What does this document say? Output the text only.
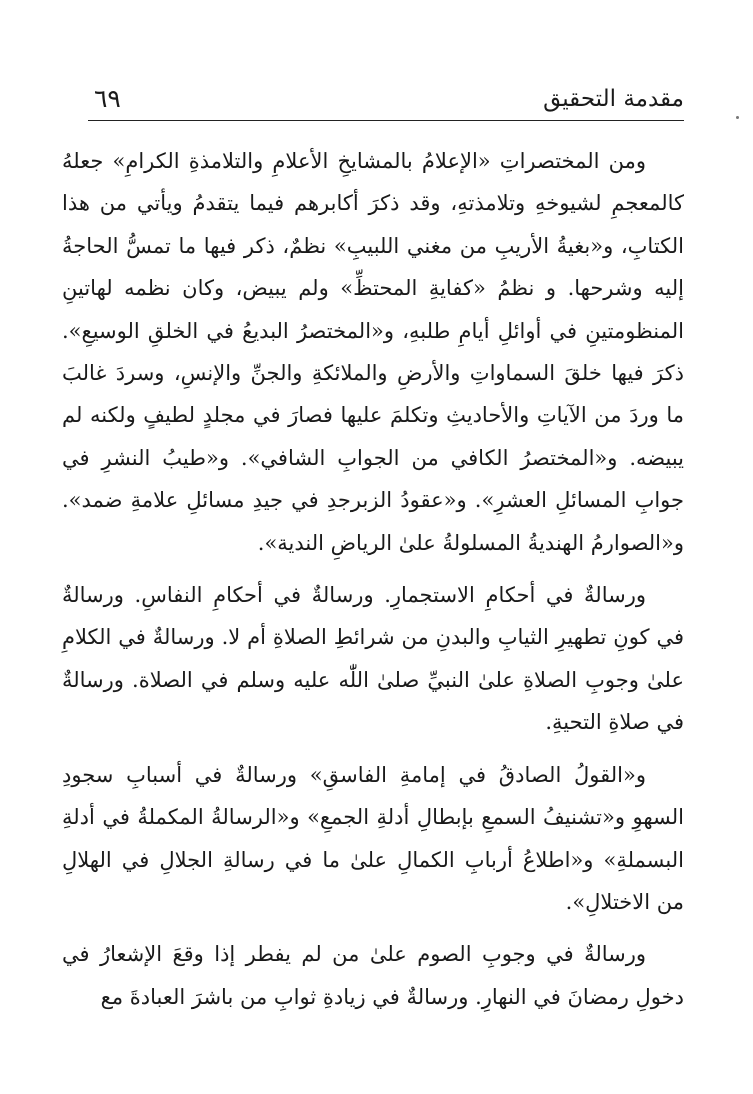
مقدمة التحقيق
٦٩

ومن المختصراتِ «الإعلامُ بالمشايخِ الأعلامِ والتلامذةِ الكرامِ» جعلهُ كالمعجمِ لشيوخهِ وتلامذتهِ، وقد ذكرَ أكابرهم فيما يتقدمُ ويأتي من هذا الكتابِ، و«بغيةُ الأريبِ من مغني اللبيبِ» نظمٌ، ذكر فيها ما تمسُّ الحاجةُ إليه وشرحها. و نظمُ «كفايةِ المحتظِّ» ولم يبيض، وكان نظمه لهاتينِ المنظومتينِ في أوائلِ أيامِ طلبهِ، و«المختصرُ البديعُ في الخلقِ الوسيعِ». ذكرَ فيها خلقَ السماواتِ والأرضِ والملائكةِ والجنِّ والإنسِ، وسردَ غالبَ ما وردَ من الآياتِ والأحاديثِ وتكلمَ عليها فصارَ في مجلدٍ لطيفٍ ولكنه لم يبيضه. و«المختصرُ الكافي من الجوابِ الشافي». و«طيبُ النشرِ في جوابِ المسائلِ العشرِ». و«عقودُ الزبرجدِ في جيدِ مسائلِ علامةِ ضمد». و«الصوارمُ الهنديةُ المسلولةُ علىٰ الرياضِ الندية».

ورسالةٌ في أحكامِ الاستجمارِ. ورسالةٌ في أحكامِ النفاسِ. ورسالةٌ في كونِ تطهيرِ الثيابِ والبدنِ من شرائطِ الصلاةِ أم لا. ورسالةٌ في الكلامِ علىٰ وجوبِ الصلاةِ علىٰ النبيِّ صلىٰ اللّٰه عليه وسلم في الصلاة. ورسالةٌ في صلاةِ التحيةِ.

و«القولُ الصادقُ في إمامةِ الفاسقِ» ورسالةٌ في أسبابِ سجودِ السهوِ و«تشنيفُ السمعِ بإبطالِ أدلةِ الجمعِ» و«الرسالةُ المكملةُ في أدلةِ البسملةِ» و«اطلاعُ أربابِ الكمالِ علىٰ ما في رسالةِ الجلالِ في الهلالِ من الاختلالِ».

ورسالةٌ في وجوبِ الصوم علىٰ من لم يفطر إذا وقعَ الإشعارُ في دخولِ رمضانَ في النهارِ. ورسالةٌ في زيادةِ ثوابِ من باشرَ العبادةَ مع
